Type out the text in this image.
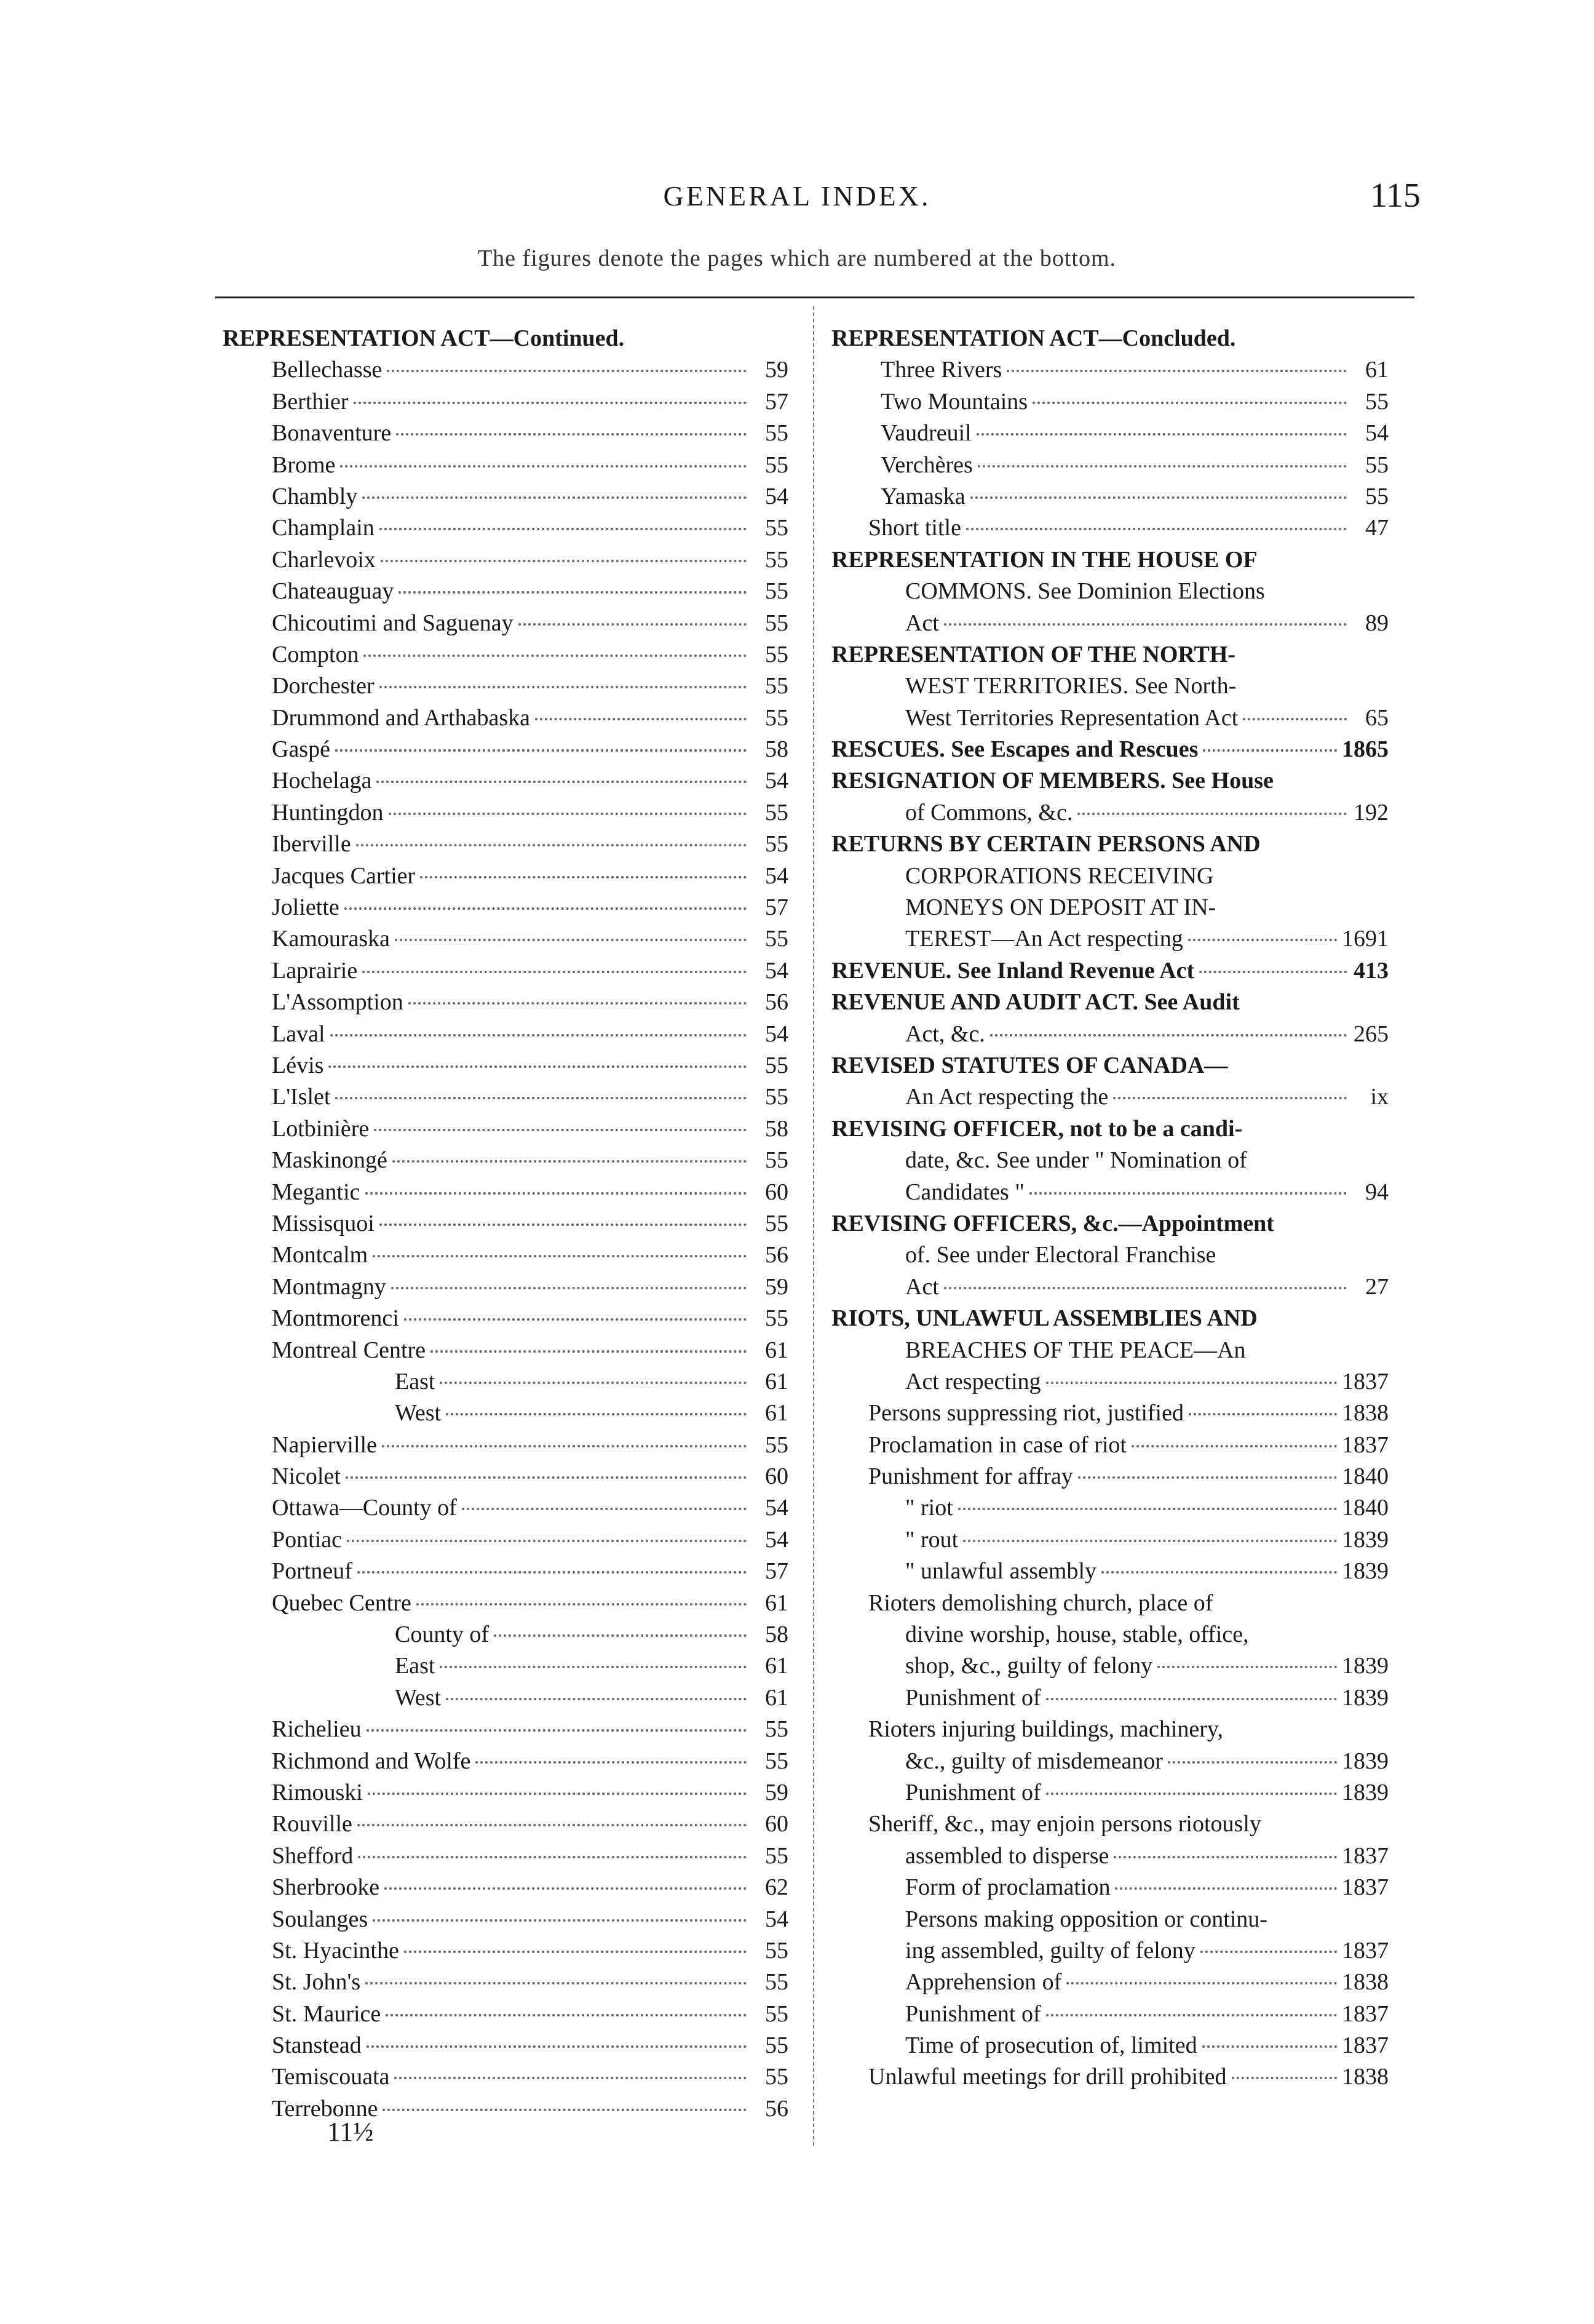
GENERAL INDEX.	115
The figures denote the pages which are numbered at the bottom.
REPRESENTATION ACT—Continued.
Bellechasse	59
Berthier	57
Bonaventure	55
Brome	55
Chambly	54
Champlain	55
Charlevoix	55
Chateauguay	55
Chicoutimi and Saguenay	55
Compton	55
Dorchester	55
Drummond and Arthabaska	55
Gaspé	58
Hochelaga	54
Huntingdon	55
Iberville	55
Jacques Cartier	54
Joliette	57
Kamouraska	55
Laprairie	54
L'Assomption	56
Laval	54
Lévis	55
L'Islet	55
Lotbinière	58
Maskinongé	55
Megantic	60
Missisquoi	55
Montcalm	56
Montmagny	59
Montmorenci	55
Montreal Centre	61
East	61
West	61
Napierville	55
Nicolet	60
Ottawa—County of	54
Pontiac	54
Portneuf	57
Quebec Centre	61
County of	58
East	61
West	61
Richelieu	55
Richmond and Wolfe	55
Rimouski	59
Rouville	60
Shefford	55
Sherbrooke	62
Soulanges	54
St. Hyacinthe	55
St. John's	55
St. Maurice	55
Stanstead	55
Temiscouata	55
Terrebonne	56
REPRESENTATION ACT—Concluded.
Three Rivers	61
Two Mountains	55
Vaudreuil	54
Verchères	55
Yamaska	55
Short title	47
REPRESENTATION IN THE HOUSE OF
COMMONS. See Dominion Elections
Act	89
REPRESENTATION OF THE NORTH-
WEST TERRITORIES. See North-
West Territories Representation Act	65
RESCUES. See Escapes and Rescues	1865
RESIGNATION OF MEMBERS. See House
of Commons, &c.	192
RETURNS BY CERTAIN PERSONS AND
CORPORATIONS RECEIVING
MONEYS ON DEPOSIT AT IN-
TEREST—An Act respecting	1691
REVENUE. See Inland Revenue Act	413
REVENUE AND AUDIT ACT. See Audit
Act, &c.	265
REVISED STATUTES OF CANADA—
An Act respecting the	ix
REVISING OFFICER, not to be a candi-
date, &c. See under " Nomination of
Candidates "	94
REVISING OFFICERS, &c.—Appointment
of. See under Electoral Franchise
Act	27
RIOTS, UNLAWFUL ASSEMBLIES AND
BREACHES OF THE PEACE—An
Act respecting	1837
Persons suppressing riot, justified	1838
Proclamation in case of riot	1837
Punishment for affray	1840
" riot	1840
" rout	1839
" unlawful assembly	1839
Rioters demolishing church, place of
divine worship, house, stable, office,
shop, &c., guilty of felony	1839
Punishment of	1839
Rioters injuring buildings, machinery,
&c., guilty of misdemeanor	1839
Punishment of	1839
Sheriff, &c., may enjoin persons riotously
assembled to disperse	1837
Form of proclamation	1837
Persons making opposition or continu-
ing assembled, guilty of felony	1837
Apprehension of	1838
Punishment of	1837
Time of prosecution of, limited	1837
Unlawful meetings for drill prohibited	1838
11½
